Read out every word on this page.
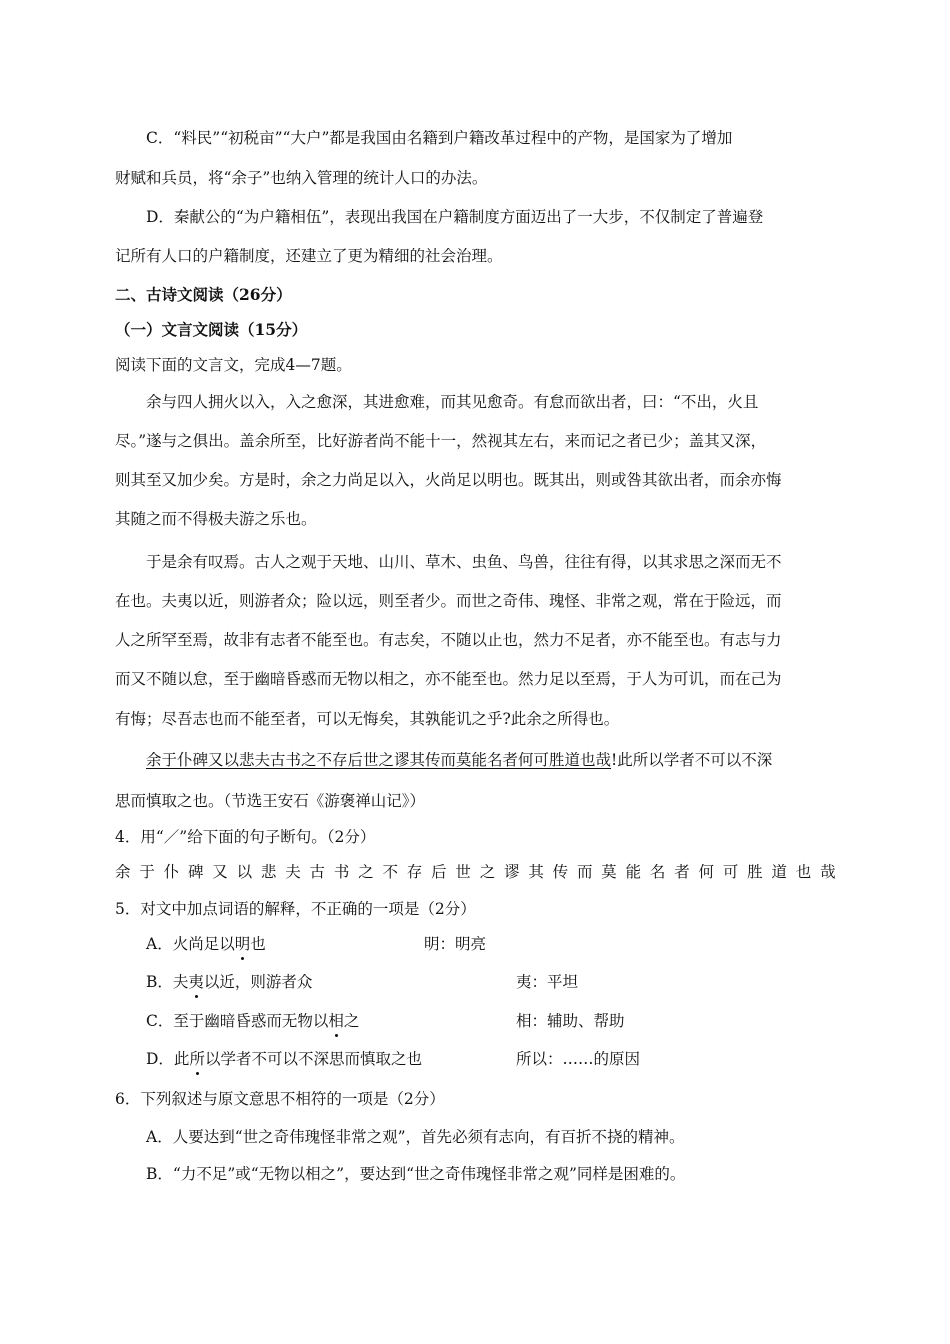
C．“料民”“初税亩”“大户”都是我国由名籍到户籍改革过程中的产物，是国家为了增加
财赋和兵员，将“余子”也纳入管理的统计人口的办法。
D．秦献公的“为户籍相伍”，表现出我国在户籍制度方面迈出了一大步，不仅制定了普遍登
记所有人口的户籍制度，还建立了更为精细的社会治理。
二、古诗文阅读（26分）
（一）文言文阅读（15分）
阅读下面的文言文，完成4—7题。
余与四人拥火以入，入之愈深，其进愈难，而其见愈奇。有怠而欲出者，曰：“不出，火且
尽。”遂与之俱出。盖余所至，比好游者尚不能十一，然视其左右，来而记之者已少；盖其又深，
则其至又加少矣。方是时，余之力尚足以入，火尚足以明也。既其出，则或咎其欲出者，而余亦悔
其随之而不得极夫游之乐也。
于是余有叹焉。古人之观于天地、山川、草木、虫鱼、鸟兽，往往有得，以其求思之深而无不
在也。夫夷以近，则游者众；险以远，则至者少。而世之奇伟、瑰怪、非常之观，常在于险远，而
人之所罕至焉，故非有志者不能至也。有志矣，不随以止也，然力不足者，亦不能至也。有志与力
而又不随以怠，至于幽暗昏惑而无物以相之，亦不能至也。然力足以至焉，于人为可讥，而在己为
有悔；尽吾志也而不能至者，可以无悔矣，其孰能讥之乎?此余之所得也。
余于仆碑又以悲夫古书之不存后世之谬其传而莫能名者何可胜道也哉!此所以学者不可以不深
思而慎取之也。（节选王安石《游褒禅山记》）
4．用“／”给下面的句子断句。（2分）
余 于 仆 碑 又 以 悲 夫 古 书 之 不 存 后 世 之 谬 其 传 而 莫 能 名 者 何 可 胜 道 也 哉
5．对文中加点词语的解释，不正确的一项是（2分）
A．火尚足以明也	明：明亮
B．夫夷以近，则游者众	夷：平坦
C．至于幽暗昏惑而无物以相之	相：辅助、帮助
D．此所以学者不可以不深思而慎取之也	所以：……的原因
6．下列叙述与原文意思不相符的一项是（2分）
A．人要达到“世之奇伟瑰怪非常之观”，首先必须有志向，有百折不挠的精神。
B．“力不足”或“无物以相之”，要达到“世之奇伟瑰怪非常之观”同样是困难的。
